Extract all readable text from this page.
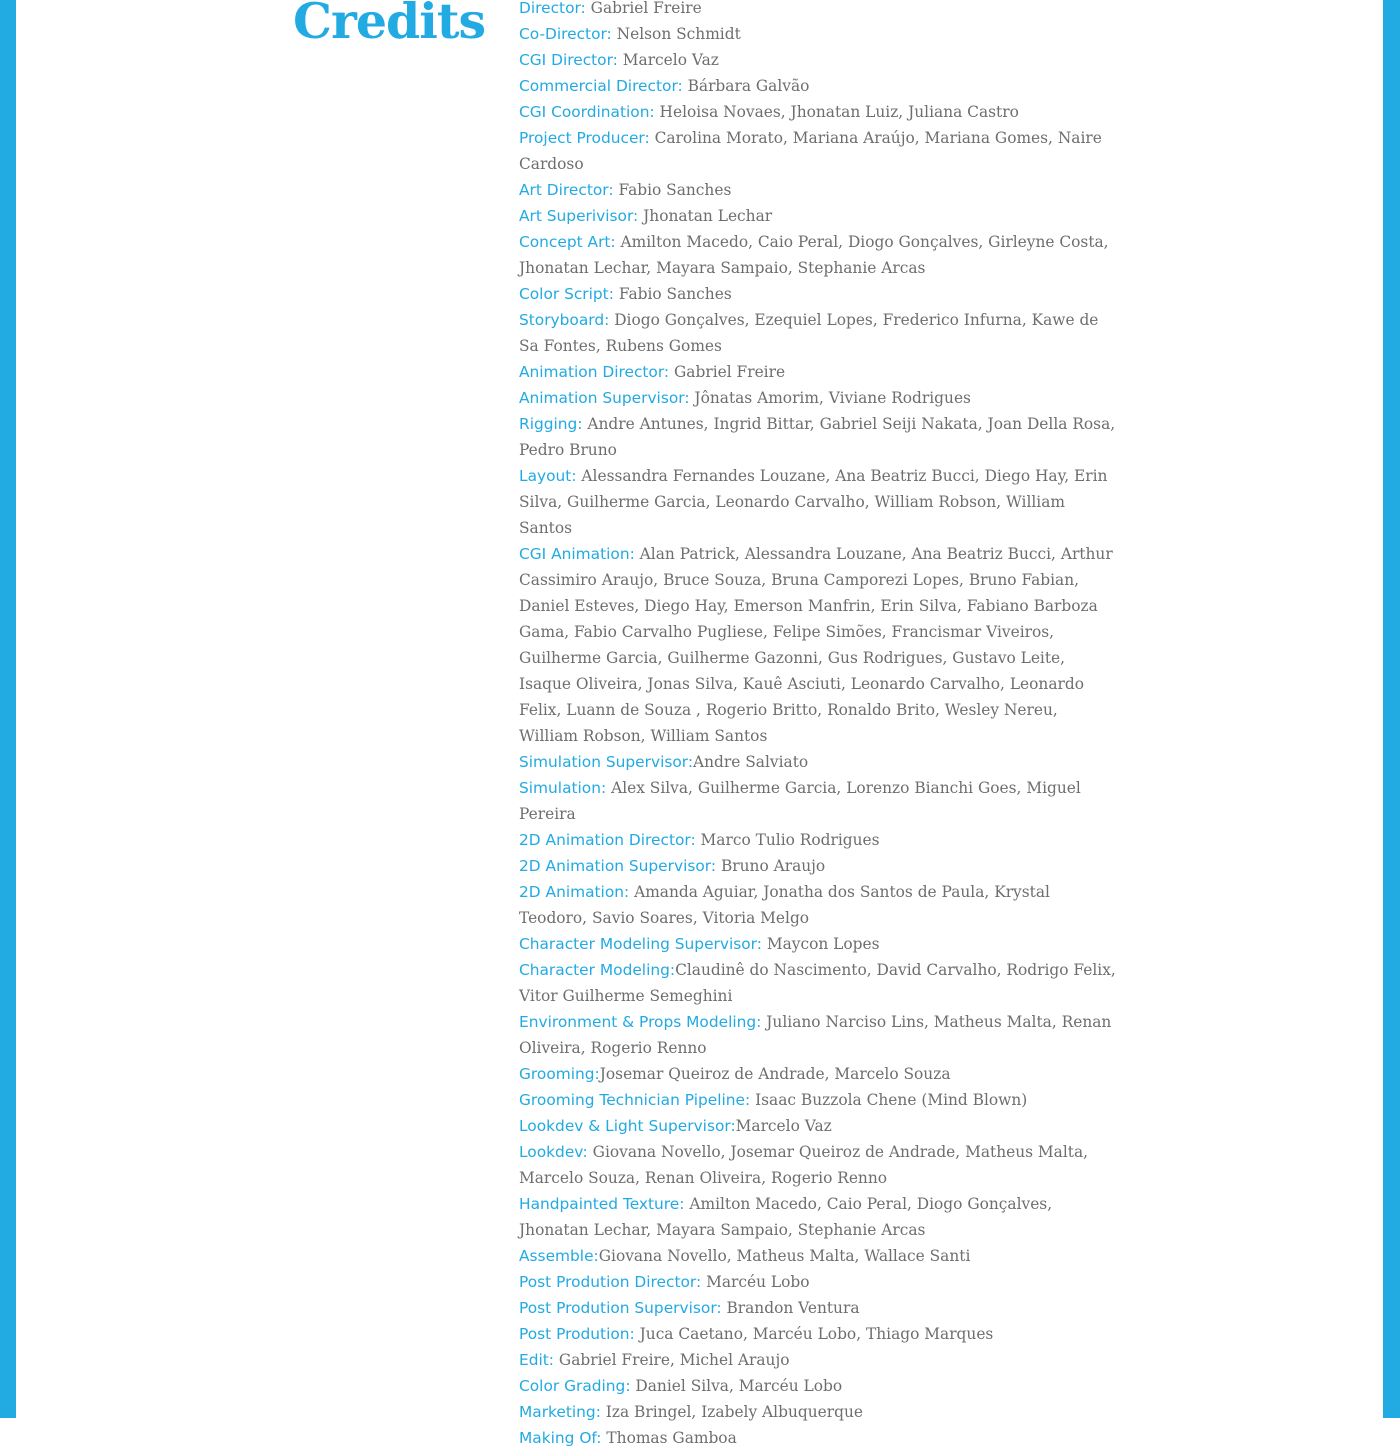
Credits Director: Gabriel Freire
Co-Director: Nelson Schmidt
CGI Director: Marcelo Vaz
Commercial Director: Bárbara Galvão
CGI Coordination: Heloisa Novaes, Jhonatan Luiz, Juliana Castro
Project Producer: Carolina Morato, Mariana Araújo, Mariana Gomes, Naire Cardoso
Art Director: Fabio Sanches
Art Superivisor: Jhonatan Lechar
Concept Art: Amilton Macedo, Caio Peral, Diogo Gonçalves, Girleyne Costa, Jhonatan Lechar, Mayara Sampaio, Stephanie Arcas
Color Script: Fabio Sanches
Storyboard: Diogo Gonçalves, Ezequiel Lopes, Frederico Infurna, Kawe de Sa Fontes, Rubens Gomes
Animation Director: Gabriel Freire
Animation Supervisor: Jônatas Amorim, Viviane Rodrigues
Rigging: Andre Antunes, Ingrid Bittar, Gabriel Seiji Nakata, Joan Della Rosa, Pedro Bruno
Layout: Alessandra Fernandes Louzane, Ana Beatriz Bucci, Diego Hay, Erin Silva, Guilherme Garcia, Leonardo Carvalho, William Robson, William Santos
CGI Animation: Alan Patrick, Alessandra Louzane, Ana Beatriz Bucci, Arthur Cassimiro Araujo, Bruce Souza, Bruna Camporezi Lopes, Bruno Fabian, Daniel Esteves, Diego Hay, Emerson Manfrin, Erin Silva, Fabiano Barboza Gama, Fabio Carvalho Pugliese, Felipe Simões, Francismar Viveiros, Guilherme Garcia, Guilherme Gazonni, Gus Rodrigues, Gustavo Leite, Isaque Oliveira, Jonas Silva, Kauê Asciuti, Leonardo Carvalho, Leonardo Felix, Luann de Souza , Rogerio Britto, Ronaldo Brito, Wesley Nereu, William Robson, William Santos
Simulation Supervisor:Andre Salviato
Simulation: Alex Silva, Guilherme Garcia, Lorenzo Bianchi Goes, Miguel Pereira
2D Animation Director: Marco Tulio Rodrigues
2D Animation Supervisor: Bruno Araujo
2D Animation: Amanda Aguiar, Jonatha dos Santos de Paula, Krystal Teodoro, Savio Soares, Vitoria Melgo
Character Modeling Supervisor: Maycon Lopes
Character Modeling:Claudinê do Nascimento, David Carvalho, Rodrigo Felix, Vitor Guilherme Semeghini
Environment & Props Modeling: Juliano Narciso Lins, Matheus Malta, Renan Oliveira, Rogerio Renno
Grooming:Josemar Queiroz de Andrade, Marcelo Souza
Grooming Technician Pipeline: Isaac Buzzola Chene (Mind Blown)
Lookdev & Light Supervisor:Marcelo Vaz
Lookdev: Giovana Novello, Josemar Queiroz de Andrade, Matheus Malta, Marcelo Souza, Renan Oliveira, Rogerio Renno
Handpainted Texture: Amilton Macedo, Caio Peral, Diogo Gonçalves, Jhonatan Lechar, Mayara Sampaio, Stephanie Arcas
Assemble:Giovana Novello, Matheus Malta, Wallace Santi
Post Prodution Director: Marcéu Lobo
Post Prodution Supervisor: Brandon Ventura
Post Prodution: Juca Caetano, Marcéu Lobo, Thiago Marques
Edit: Gabriel Freire, Michel Araujo
Color Grading: Daniel Silva, Marcéu Lobo
Marketing: Iza Bringel, Izabely Albuquerque
Making Of: Thomas Gamboa
